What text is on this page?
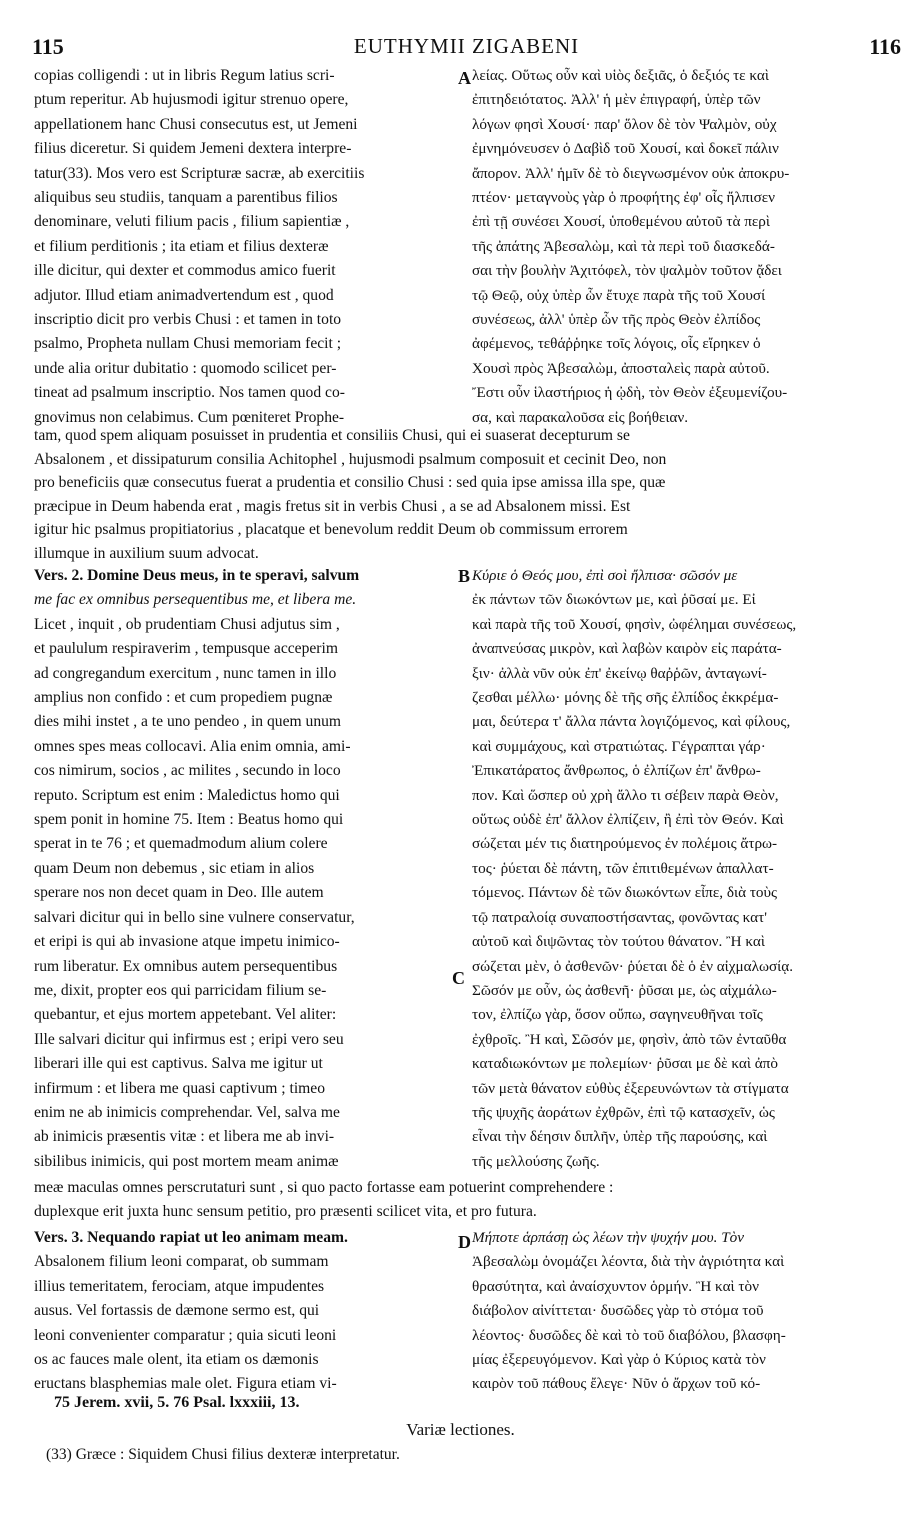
115	EUTHYMII ZIGABENI	116
A
B
C
D

copias colligendi : ut in libris Regum latius scri-

ptum reperitur. Ab hujusmodi igitur strenuo opere,

appellationem hanc Chusi consecutus est, ut Jemeni

filius diceretur. Si quidem Jemeni dextera interpre-

tatur(33). Mos vero est Scripturæ sacræ, ab exercitiis

aliquibus seu studiis, tanquam a parentibus filios

denominare, veluti filium pacis , filium sapientiæ ,

et filium perditionis ; ita etiam et filius dexteræ

ille dicitur, qui dexter et commodus amico fuerit

adjutor. Illud etiam animadvertendum est , quod

inscriptio dicit pro verbis Chusi : et tamen in toto

psalmo, Propheta nullam Chusi memoriam fecit ;

unde alia oritur dubitatio : quomodo scilicet per-

tineat ad psalmum inscriptio. Nos tamen quod co-

gnovimus non celabimus. Cum pœniteret Prophe-

λείας. Οὕτως οὖν καὶ υἱὸς δεξιᾶς, ὁ δεξιός τε καὶ

ἐπιτηδειότατος. Ἀλλ' ἡ μὲν ἐπιγραφή, ὑπὲρ τῶν

λόγων φησὶ Χουσί· παρ' ὅλον δὲ τὸν Ψαλμὸν, οὐχ

ἐμνημόνευσεν ὁ Δαβὶδ τοῦ Χουσί, καὶ δοκεῖ πάλιν

ἄπορον. Ἀλλ' ἡμῖν δὲ τὸ διεγνωσμένον οὐκ ἀποκρυ-

πτέον· μεταγνοὺς γὰρ ὁ προφήτης ἐφ' οἷς ἤλπισεν

ἐπὶ τῇ συνέσει Χουσί, ὑποθεμένου αὐτοῦ τὰ περὶ

τῆς ἀπάτης Ἀβεσαλὼμ, καὶ τὰ περὶ τοῦ διασκεδά-

σαι τὴν βουλὴν Ἀχιτόφελ, τὸν ψαλμὸν τοῦτον ᾄδει

τῷ Θεῷ, οὐχ ὑπὲρ ὧν ἔτυχε παρὰ τῆς τοῦ Χουσί

συνέσεως, ἀλλ' ὑπὲρ ὧν τῆς πρὸς Θεὸν ἐλπίδος

ἀφέμενος, τεθάῤῥηκε τοῖς λόγοις, οἷς εἴρηκεν ὁ

Χουσὶ πρὸς Ἀβεσαλὼμ, ἀποσταλεὶς παρὰ αὐτοῦ.

Ἔστι οὖν ἱλαστήριος ἡ ᾠδὴ, τὸν Θεὸν ἐξευμενίζου-

σα, καὶ παρακαλοῦσα εἰς βοήθειαν.

tam, quod spem aliquam posuisset in prudentia et consiliis Chusi, qui ei suaserat decepturum se

Absalonem , et dissipaturum consilia Achitophel , hujusmodi psalmum composuit et cecinit Deo, non

pro beneficiis quæ consecutus fuerat a prudentia et consilio Chusi : sed quia ipse amissa illa spe, quæ

præcipue in Deum habenda erat , magis fretus sit in verbis Chusi , a se ad Absalonem missi. Est

igitur hic psalmus propitiatorius , placatque et benevolum reddit Deum ob commissum errorem

illumque in auxilium suum advocat.

Vers. 2. Domine Deus meus, in te speravi, salvum

me fac ex omnibus persequentibus me, et libera me.

Licet , inquit , ob prudentiam Chusi adjutus sim ,

et paululum respiraverim , tempusque acceperim

ad congregandum exercitum , nunc tamen in illo

amplius non confido : et cum propediem pugnæ

dies mihi instet , a te uno pendeo , in quem unum

omnes spes meas collocavi. Alia enim omnia, ami-

cos nimirum, socios , ac milites , secundo in loco

reputo. Scriptum est enim : Maledictus homo qui

spem ponit in homine 75. Item : Beatus homo qui

sperat in te 76 ; et quemadmodum alium colere

quam Deum non debemus , sic etiam in alios

sperare nos non decet quam in Deo. Ille autem

salvari dicitur qui in bello sine vulnere conservatur,

et eripi is qui ab invasione atque impetu inimico-

rum liberatur. Ex omnibus autem persequentibus

me, dixit, propter eos qui parricidam filium se-

quebantur, et ejus mortem appetebant. Vel aliter:

Ille salvari dicitur qui infirmus est ; eripi vero seu

liberari ille qui est captivus. Salva me igitur ut

infirmum : et libera me quasi captivum ; timeo

enim ne ab inimicis comprehendar. Vel, salva me

ab inimicis præsentis vitæ : et libera me ab invi-

sibilibus inimicis, qui post mortem meam animæ

Κύριε ὁ Θεός μου, ἐπὶ σοὶ ἤλπισα· σῶσόν με

ἐκ πάντων τῶν διωκόντων με, καὶ ῥῦσαί με. Εἰ

καὶ παρὰ τῆς τοῦ Χουσί, φησὶν, ὠφέλημαι συνέσεως,

ἀναπνεύσας μικρὸν, καὶ λαβὼν καιρὸν εἰς παράτα-

ξιν· ἀλλὰ νῦν οὐκ ἐπ' ἐκείνῳ θαῤῥῶν, ἀνταγωνί-

ζεσθαι μέλλω· μόνης δὲ τῆς σῆς ἐλπίδος ἐκκρέμα-

μαι, δεύτερα τ' ἄλλα πάντα λογιζόμενος, καὶ φίλους,

καὶ συμμάχους, καὶ στρατιώτας. Γέγραπται γάρ·

Ἐπικατάρατος ἄνθρωπος, ὁ ἐλπίζων ἐπ' ἄνθρω-

πον. Καὶ ὥσπερ οὐ χρὴ ἄλλο τι σέβειν παρὰ Θεὸν,

οὕτως οὐδὲ ἐπ' ἄλλον ἐλπίζειν, ἢ ἐπὶ τὸν Θεόν. Καὶ

σώζεται μέν τις διατηρούμενος ἐν πολέμοις ἄτρω-

τος· ῥύεται δὲ πάντη, τῶν ἐπιτιθεμένων ἀπαλλατ-

τόμενος. Πάντων δὲ τῶν διωκόντων εἶπε, διὰ τοὺς

τῷ πατραλοίᾳ συναποστήσαντας, φονῶντας κατ'

αὐτοῦ καὶ διψῶντας τὸν τούτου θάνατον. Ἢ καὶ

σώζεται μὲν, ὁ ἀσθενῶν· ῥύεται δὲ ὁ ἐν αἰχμαλωσίᾳ.

Σῶσόν με οὖν, ὡς ἀσθενῆ· ῥῦσαι με, ὡς αἰχμάλω-

τον, ἐλπίζω γὰρ, ὅσον οὔπω, σαγηνευθῆναι τοῖς

ἐχθροῖς. Ἢ καὶ, Σῶσόν με, φησὶν, ἀπὸ τῶν ἐνταῦθα

καταδιωκόντων με πολεμίων· ῥῦσαι με δὲ καὶ ἀπὸ

τῶν μετὰ θάνατον εὐθὺς ἐξερευνώντων τὰ στίγματα

τῆς ψυχῆς ἀοράτων ἐχθρῶν, ἐπὶ τῷ κατασχεῖν, ὡς

εἶναι τὴν δέησιν διπλῆν, ὑπὲρ τῆς παρούσης, καὶ

τῆς μελλούσης ζωῆς.

meæ maculas omnes perscrutaturi sunt , si quo pacto fortasse eam potuerint comprehendere :

duplexque erit juxta hunc sensum petitio, pro præsenti scilicet vita, et pro futura.

Vers. 3. Nequando rapiat ut leo animam meam.

Absalonem filium leoni comparat, ob summam

illius temeritatem, ferociam, atque impudentes

ausus. Vel fortassis de dæmone sermo est, qui

leoni convenienter comparatur ; quia sicuti leoni

os ac fauces male olent, ita etiam os dæmonis

eructans blasphemias male olet. Figura etiam vi-

Μήποτε ἁρπάσῃ ὡς λέων τὴν ψυχήν μου. Τὸν

Ἀβεσαλὼμ ὀνομάζει λέοντα, διὰ τὴν ἀγριότητα καὶ

θρασύτητα, καὶ ἀναίσχυντον ὁρμήν. Ἢ καὶ τὸν

διάβολον αἰνίττεται· δυσῶδες γὰρ τὸ στόμα τοῦ

λέοντος· δυσῶδες δὲ καὶ τὸ τοῦ διαβόλου, βλασφη-

μίας ἐξερευγόμενον. Καὶ γὰρ ὁ Κύριος κατὰ τὸν

καιρὸν τοῦ πάθους ἔλεγε· Νῦν ὁ ἄρχων τοῦ κό-

75 Jerem. xvii, 5. 76 Psal. lxxxiii, 13.
Variæ lectiones.
(33) Græce : Siquidem Chusi filius dexteræ interpretatur.
